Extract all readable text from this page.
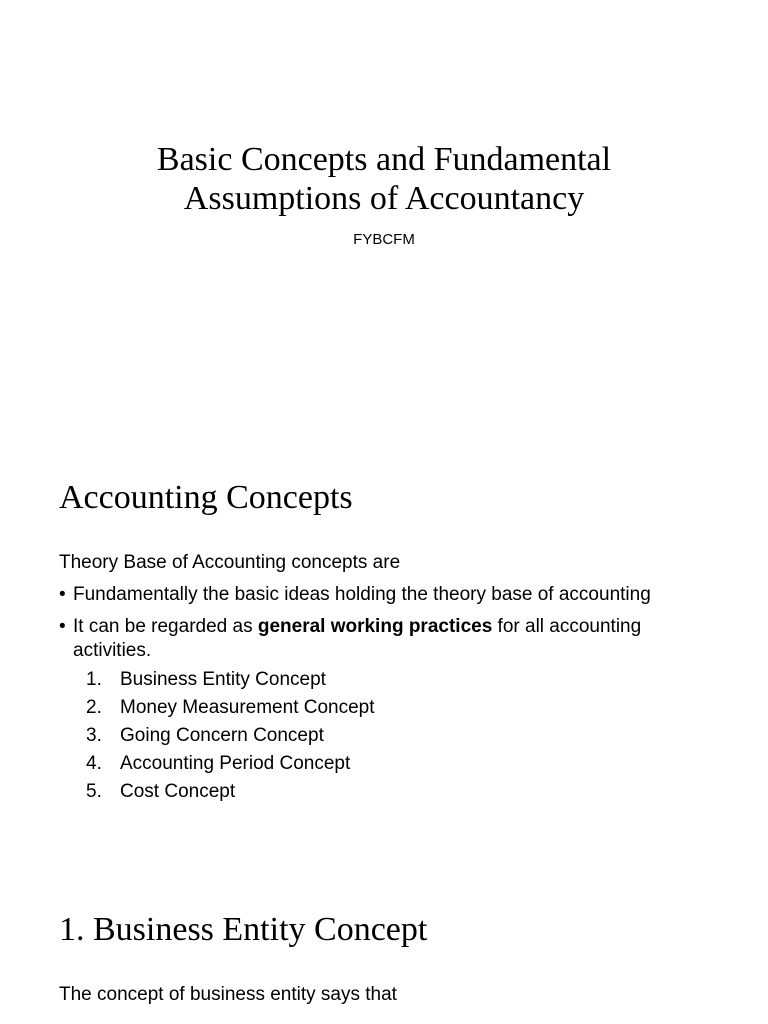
Basic Concepts and Fundamental
Assumptions of Accountancy

FYBCFM

Accounting Concepts

Theory Base of Accounting concepts are

• Fundamentally the basic ideas holding the theory base of accounting
• It can be regarded as general working practices for all accounting activities.
1. Business Entity Concept
2. Money Measurement Concept
3. Going Concern Concept
4. Accounting Period Concept
5. Cost Concept
1. Business Entity Concept

The concept of business entity says that
